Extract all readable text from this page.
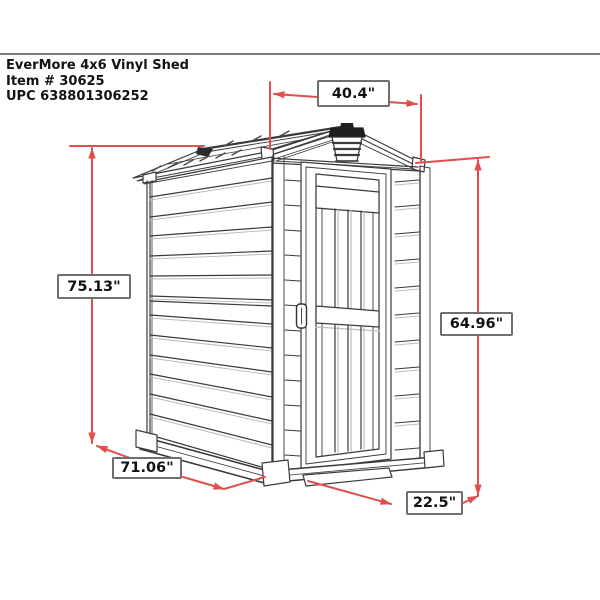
EverMore 4x6 Vinyl Shed
Item # 30625
UPC 638801306252	40.4"
75.13"
64.96"
71.06"
22.5"
